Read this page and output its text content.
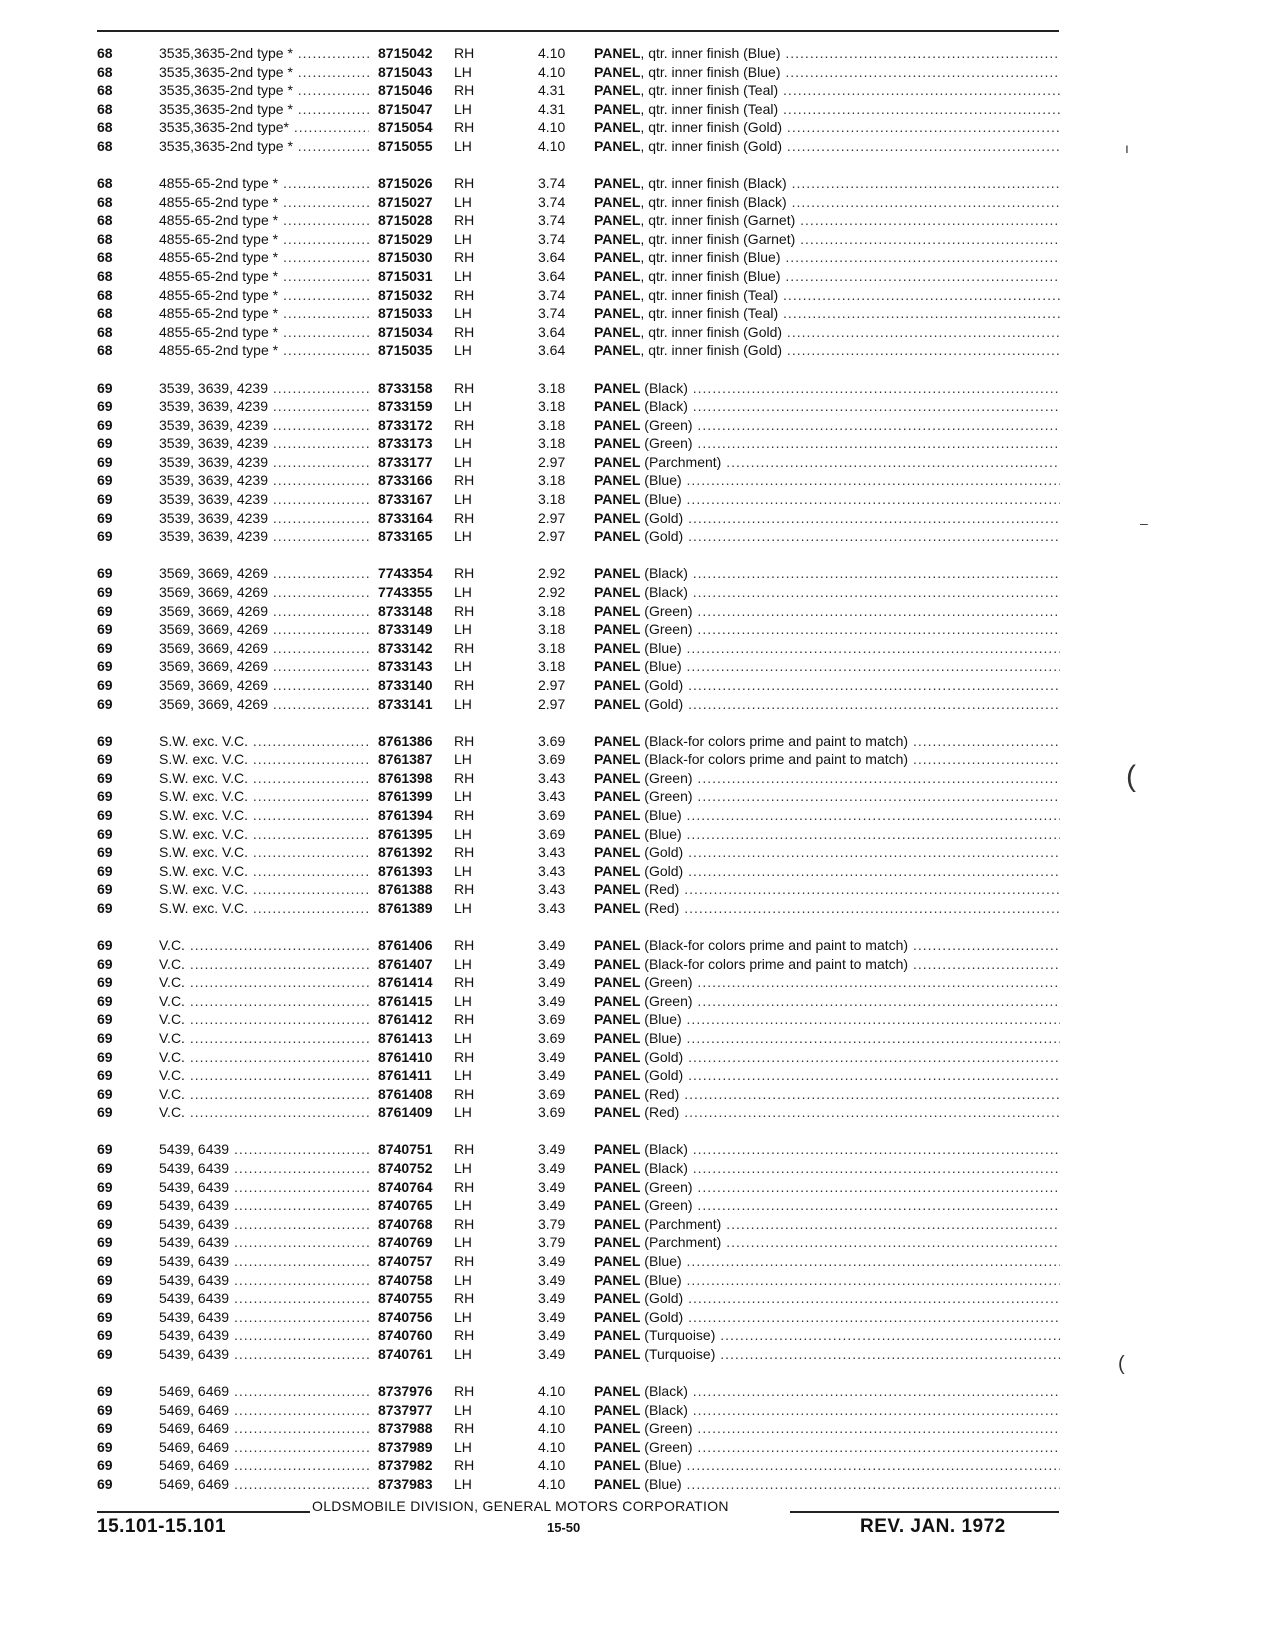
68	3535,3635-2nd type * .....	8715042 RH	4.10 PANEL, qtr. inner finish (Blue) .....
68	3535,3635-2nd type * .....	8715043 LH	4.10 PANEL, qtr. inner finish (Blue) .....
68	3535,3635-2nd type * .....	8715046 RH	4.31 PANEL, qtr. inner finish (Teal) .....
68	3535,3635-2nd type * .....	8715047 LH	4.31 PANEL, qtr. inner finish (Teal) .....
68	3535,3635-2nd type* .....	8715054 RH	4.10 PANEL, qtr. inner finish (Gold) .....
68	3535,3635-2nd type * .....	8715055 LH	4.10 PANEL, qtr. inner finish (Gold) .....
68	4855-65-2nd type * .....	8715026 RH	3.74 PANEL, qtr. inner finish (Black) .....
68	4855-65-2nd type * .....	8715027 LH	3.74 PANEL, qtr. inner finish (Black) .....
68	4855-65-2nd type * .....	8715028 RH	3.74 PANEL, qtr. inner finish (Garnet) .....
68	4855-65-2nd type * .....	8715029 LH	3.74 PANEL, qtr. inner finish (Garnet) .....
68	4855-65-2nd type * .....	8715030 RH	3.64 PANEL, qtr. inner finish (Blue) .....
68	4855-65-2nd type * .....	8715031 LH	3.64 PANEL, qtr. inner finish (Blue) .....
68	4855-65-2nd type * .....	8715032 RH	3.74 PANEL, qtr. inner finish (Teal) .....
68	4855-65-2nd type * .....	8715033 LH	3.74 PANEL, qtr. inner finish (Teal) .....
68	4855-65-2nd type * .....	8715034 RH	3.64 PANEL, qtr. inner finish (Gold) .....
68	4855-65-2nd type * .....	8715035 LH	3.64 PANEL, qtr. inner finish (Gold) .....
69	3539, 3639, 4239 .....	8733158 RH	3.18 PANEL (Black) .....
69	3539, 3639, 4239 .....	8733159 LH	3.18 PANEL (Black) .....
69	3539, 3639, 4239 .....	8733172 RH	3.18 PANEL (Green) .....
69	3539, 3639, 4239 .....	8733173 LH	3.18 PANEL (Green) .....
69	3539, 3639, 4239 .....	8733177 LH	2.97 PANEL (Parchment) .....
69	3539, 3639, 4239 .....	8733166 RH	3.18 PANEL (Blue) .....
69	3539, 3639, 4239 .....	8733167 LH	3.18 PANEL (Blue) .....
69	3539, 3639, 4239 .....	8733164 RH	2.97 PANEL (Gold) .....
69	3539, 3639, 4239 .....	8733165 LH	2.97 PANEL (Gold) .....
69	3569, 3669, 4269 .....	7743354 RH	2.92 PANEL (Black) .....
69	3569, 3669, 4269 .....	7743355 LH	2.92 PANEL (Black) .....
69	3569, 3669, 4269 .....	8733148 RH	3.18 PANEL (Green) .....
69	3569, 3669, 4269 .....	8733149 LH	3.18 PANEL (Green) .....
69	3569, 3669, 4269 .....	8733142 RH	3.18 PANEL (Blue) .....
69	3569, 3669, 4269 .....	8733143 LH	3.18 PANEL (Blue) .....
69	3569, 3669, 4269 .....	8733140 RH	2.97 PANEL (Gold) .....
69	3569, 3669, 4269 .....	8733141 LH	2.97 PANEL (Gold) .....
69	S.W. exc. V.C. .....	8761386 RH	3.69 PANEL (Black-for colors prime and paint to match) .....
69	S.W. exc. V.C. .....	8761387 LH	3.69 PANEL (Black-for colors prime and paint to match) .....
69	S.W. exc. V.C. .....	8761398 RH	3.43 PANEL (Green) .....
69	S.W. exc. V.C. .....	8761399 LH	3.43 PANEL (Green) .....
69	S.W. exc. V.C. .....	8761394 RH	3.69 PANEL (Blue) .....
69	S.W. exc. V.C. .....	8761395 LH	3.69 PANEL (Blue) .....
69	S.W. exc. V.C. .....	8761392 RH	3.43 PANEL (Gold) .....
69	S.W. exc. V.C. .....	8761393 LH	3.43 PANEL (Gold) .....
69	S.W. exc. V.C. .....	8761388 RH	3.43 PANEL (Red) .....
69	S.W. exc. V.C. .....	8761389 LH	3.43 PANEL (Red) .....
69	V.C. .....	8761406 RH	3.49 PANEL (Black-for colors prime and paint to match) .....
69	V.C. .....	8761407 LH	3.49 PANEL (Black-for colors prime and paint to match) .....
69	V.C. .....	8761414 RH	3.49 PANEL (Green) .....
69	V.C. .....	8761415 LH	3.49 PANEL (Green) .....
69	V.C. .....	8761412 RH	3.69 PANEL (Blue) .....
69	V.C. .....	8761413 LH	3.69 PANEL (Blue) .....
69	V.C. .....	8761410 RH	3.49 PANEL (Gold) .....
69	V.C. .....	8761411 LH	3.49 PANEL (Gold) .....
69	V.C. .....	8761408 RH	3.69 PANEL (Red) .....
69	V.C. .....	8761409 LH	3.69 PANEL (Red) .....
69	5439, 6439 .....	8740751 RH	3.49 PANEL (Black) .....
69	5439, 6439 .....	8740752 LH	3.49 PANEL (Black) .....
69	5439, 6439 .....	8740764 RH	3.49 PANEL (Green) .....
69	5439, 6439 .....	8740765 LH	3.49 PANEL (Green) .....
69	5439, 6439 .....	8740768 RH	3.79 PANEL (Parchment) .....
69	5439, 6439 .....	8740769 LH	3.79 PANEL (Parchment) .....
69	5439, 6439 .....	8740757 RH	3.49 PANEL (Blue) .....
69	5439, 6439 .....	8740758 LH	3.49 PANEL (Blue) .....
69	5439, 6439 .....	8740755 RH	3.49 PANEL (Gold) .....
69	5439, 6439 .....	8740756 LH	3.49 PANEL (Gold) .....
69	5439, 6439 .....	8740760 RH	3.49 PANEL (Turquoise) .....
69	5439, 6439 .....	8740761 LH	3.49 PANEL (Turquoise) .....
69	5469, 6469 .....	8737976 RH	4.10 PANEL (Black) .....
69	5469, 6469 .....	8737977 LH	4.10 PANEL (Black) .....
69	5469, 6469 .....	8737988 RH	4.10 PANEL (Green) .....
69	5469, 6469 .....	8737989 LH	4.10 PANEL (Green) .....
69	5469, 6469 .....	8737982 RH	4.10 PANEL (Blue) .....
69	5469, 6469 .....	8737983 LH	4.10 PANEL (Blue) .....
ı
–
(
(
OLDSMOBILE DIVISION, GENERAL MOTORS CORPORATION
15.101-15.101	15-50	REV. JAN. 1972
